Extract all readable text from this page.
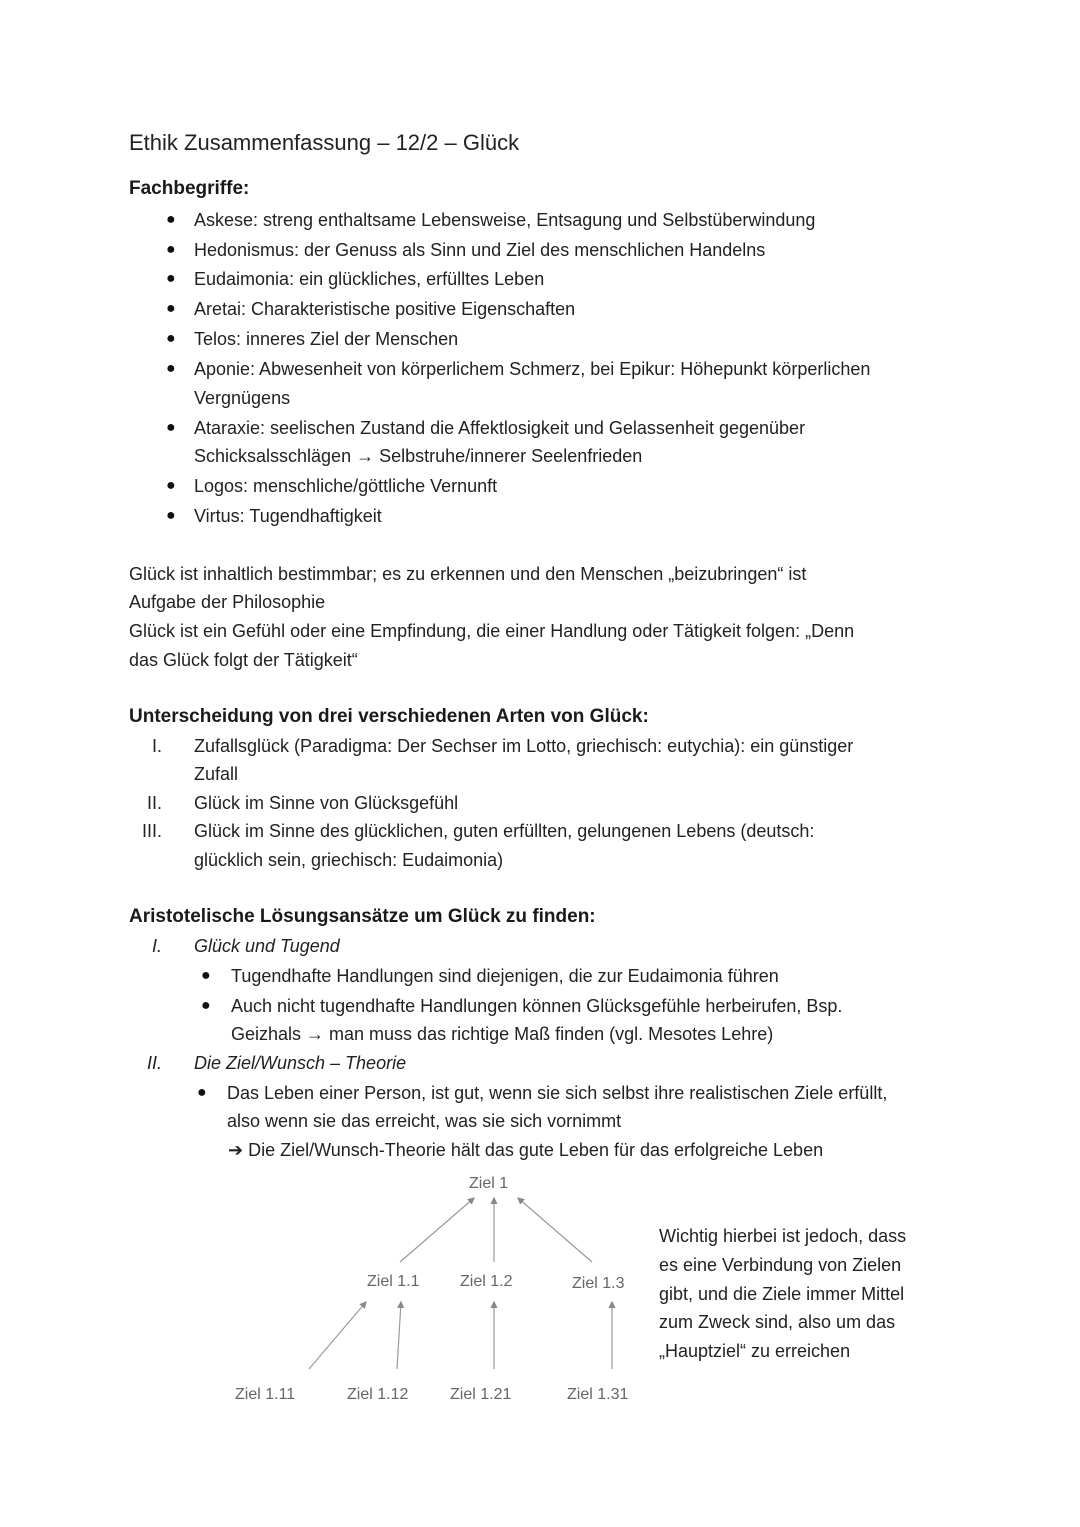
Ethik Zusammenfassung – 12/2 – Glück
Fachbegriffe:
● Askese: streng enthaltsame Lebensweise, Entsagung und Selbstüberwindung
● Hedonismus: der Genuss als Sinn und Ziel des menschlichen Handelns
● Eudaimonia: ein glückliches, erfülltes Leben
● Aretai: Charakteristische positive Eigenschaften
● Telos: inneres Ziel der Menschen
● Aponie: Abwesenheit von körperlichem Schmerz, bei Epikur: Höhepunkt körperlichen
Vergnügens
● Ataraxie: seelischen Zustand die Affektlosigkeit und Gelassenheit gegenüber
Schicksalsschlägen → Selbstruhe/innerer Seelenfrieden
● Logos: menschliche/göttliche Vernunft
● Virtus: Tugendhaftigkeit
Glück ist inhaltlich bestimmbar; es zu erkennen und den Menschen „beizubringen“ ist
Aufgabe der Philosophie
Glück ist ein Gefühl oder eine Empfindung, die einer Handlung oder Tätigkeit folgen: „Denn
das Glück folgt der Tätigkeit“
Unterscheidung von drei verschiedenen Arten von Glück:
I. Zufallsglück (Paradigma: Der Sechser im Lotto, griechisch: eutychia): ein günstiger
Zufall
II. Glück im Sinne von Glücksgefühl
III. Glück im Sinne des glücklichen, guten erfüllten, gelungenen Lebens (deutsch:
glücklich sein, griechisch: Eudaimonia)
Aristotelische Lösungsansätze um Glück zu finden:
I. Glück und Tugend
● Tugendhafte Handlungen sind diejenigen, die zur Eudaimonia führen
● Auch nicht tugendhafte Handlungen können Glücksgefühle herbeirufen, Bsp.
Geizhals → man muss das richtige Maß finden (vgl. Mesotes Lehre)
II. Die Ziel/Wunsch – Theorie
● Das Leben einer Person, ist gut, wenn sie sich selbst ihre realistischen Ziele erfüllt,
also wenn sie das erreicht, was sie sich vornimmt
➔ Die Ziel/Wunsch-Theorie hält das gute Leben für das erfolgreiche Leben
Ziel 1
Ziel 1.1	Ziel 1.2	Ziel 1.3
Ziel 1.11	Ziel 1.12	Ziel 1.21	Ziel 1.31
Wichtig hierbei ist jedoch, dass
es eine Verbindung von Zielen
gibt, und die Ziele immer Mittel
zum Zweck sind, also um das
„Hauptziel“ zu erreichen
